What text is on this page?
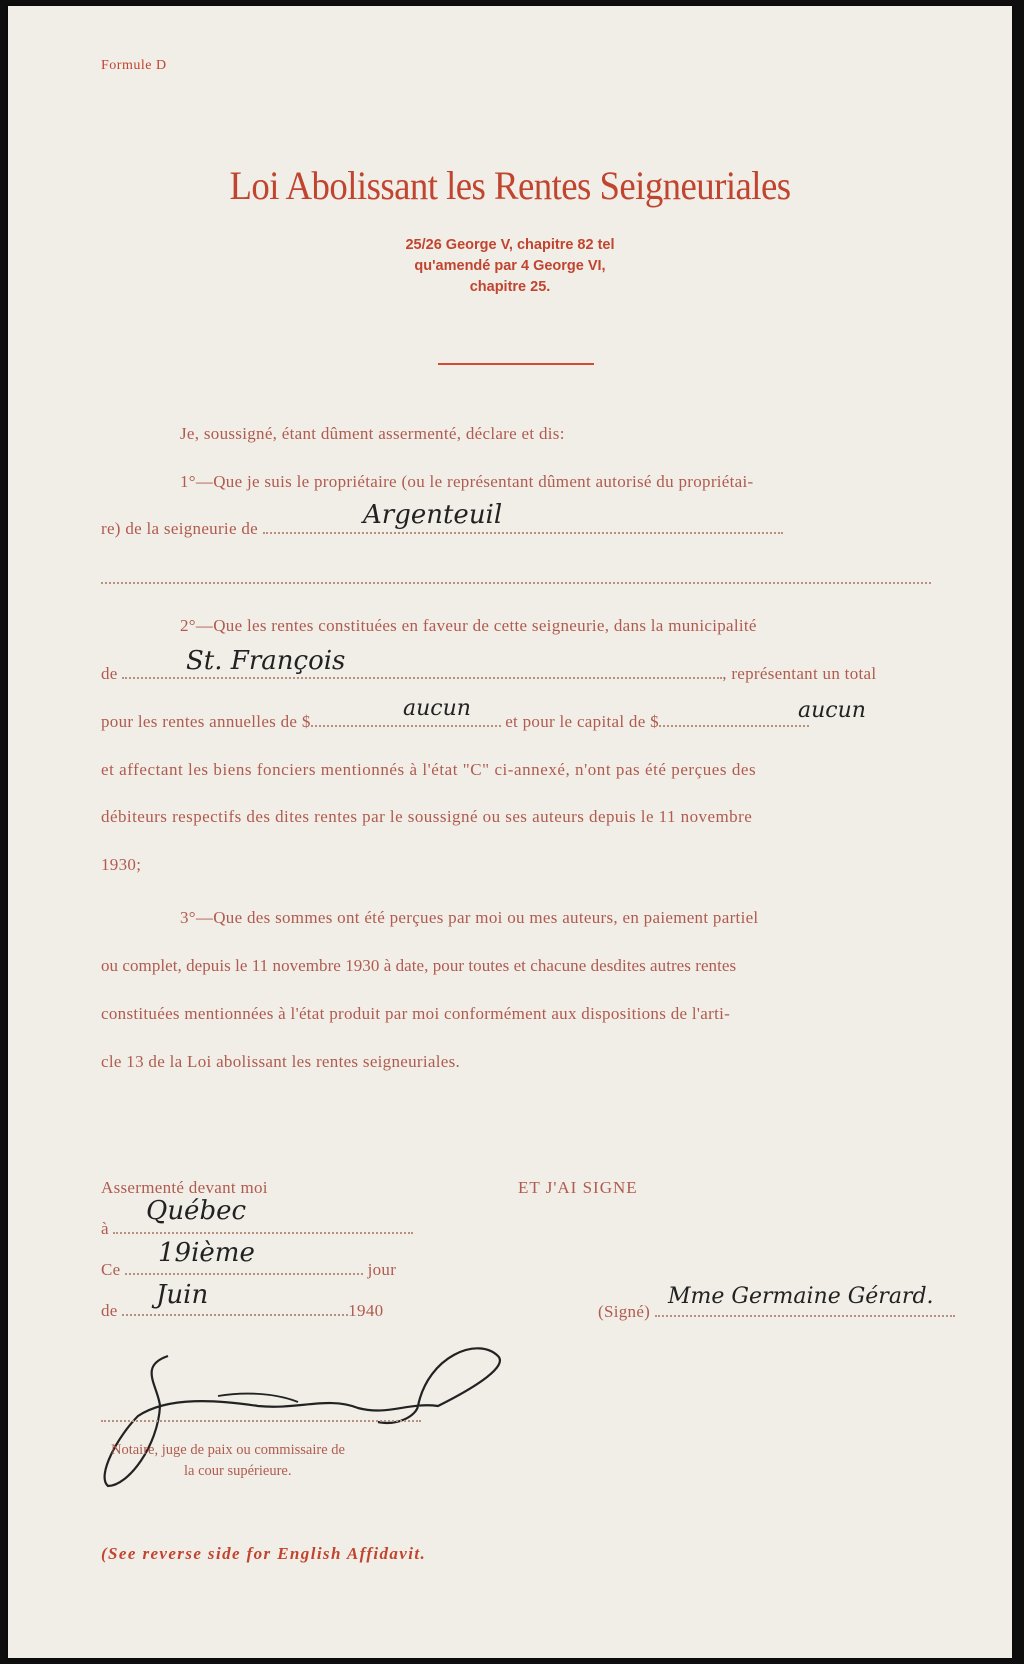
Formule D
Loi Abolissant les Rentes Seigneuriales
25/26 George V, chapitre 82 tel
qu'amendé par 4 George VI,
chapitre 25.
Je, soussigné, étant dûment assermenté, déclare et dis:
1°—Que je suis le propriétaire (ou le représentant dûment autorisé du propriétai-
re) de la seigneurie de	Argenteuil
2°—Que les rentes constituées en faveur de cette seigneurie, dans la municipalité
de	, représentant un total
St. François
pour les rentes annuelles de $	et pour le capital de $
aucun	aucun
et affectant les biens fonciers mentionnés à l'état "C" ci-annexé, n'ont pas été perçues des
débiteurs respectifs des dites rentes par le soussigné ou ses auteurs depuis le 11 novembre
1930;
3°—Que des sommes ont été perçues par moi ou mes auteurs, en paiement partiel
ou complet, depuis le 11 novembre 1930 à date, pour toutes et chacune desdites autres rentes
constituées mentionnées à l'état produit par moi conformément aux dispositions de l'arti-
cle 13 de la Loi abolissant les rentes seigneuriales.
Assermenté devant moi
à
Québec
Ce	jour
19ième
de	1940
Juin
Notaire, juge de paix ou commissaire de
la cour supérieure.
(See reverse side for English Affidavit.
ET J'AI SIGNE
(Signé)
Mme Germaine Gérard.
